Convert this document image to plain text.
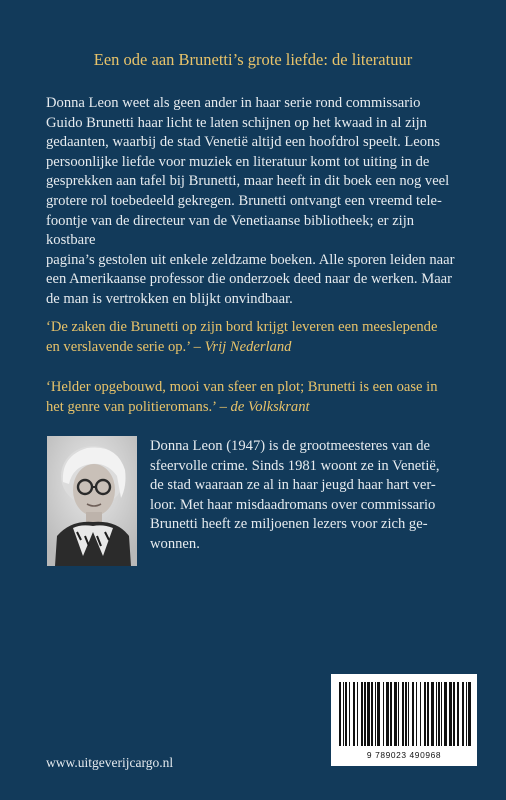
Een ode aan Brunetti’s grote liefde: de literatuur

Donna Leon weet als geen ander in haar serie rond commissario
Guido Brunetti haar licht te laten schijnen op het kwaad in al zijn
gedaanten, waarbij de stad Venetië altijd een hoofdrol speelt. Leons
persoonlijke liefde voor muziek en literatuur komt tot uiting in de
gesprekken aan tafel bij Brunetti, maar heeft in dit boek een nog veel
grotere rol toebedeeld gekregen. Brunetti ontvangt een vreemd tele-
foontje van de directeur van de Venetiaanse bibliotheek; er zijn kostbare
pagina’s gestolen uit enkele zeldzame boeken. Alle sporen leiden naar
een Amerikaanse professor die onderzoek deed naar de werken. Maar
de man is vertrokken en blijkt onvindbaar.

‘De zaken die Brunetti op zijn bord krijgt leveren een meeslepende
en verslavende serie op.’ – Vrij Nederland

‘Helder opgebouwd, mooi van sfeer en plot; Brunetti is een oase in
het genre van politieromans.’ – de Volkskrant

Donna Leon (1947) is de grootmeesteres van de
sfeervolle crime. Sinds 1981 woont ze in Venetië,
de stad waaraan ze al in haar jeugd haar hart ver-
loor. Met haar misdaadromans over commissario
Brunetti heeft ze miljoenen lezers voor zich ge-
wonnen.

9 789023 490968
www.uitgeverijcargo.nl
